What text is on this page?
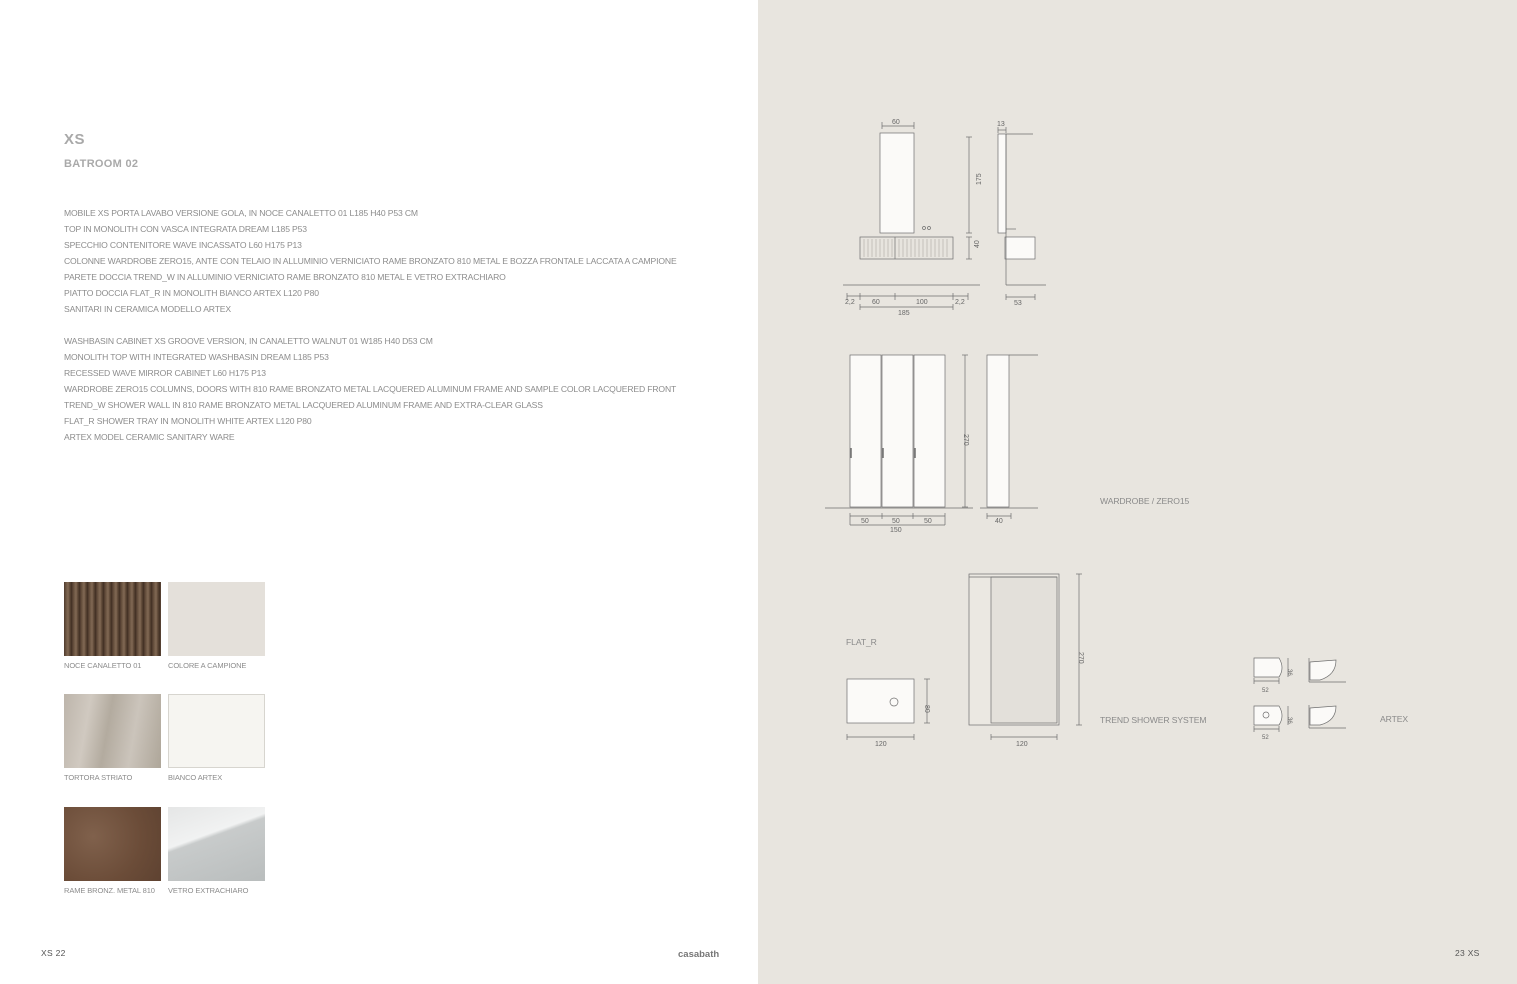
XS
BATROOM 02
MOBILE XS PORTA LAVABO VERSIONE GOLA, IN NOCE CANALETTO 01 L185 H40 P53 CM
TOP IN MONOLITH CON VASCA INTEGRATA DREAM L185 P53
SPECCHIO CONTENITORE WAVE INCASSATO L60 H175 P13
COLONNE WARDROBE ZERO15, ANTE CON TELAIO IN ALLUMINIO VERNICIATO RAME BRONZATO 810 METAL E BOZZA FRONTALE LACCATA A CAMPIONE
PARETE DOCCIA TREND_W IN ALLUMINIO VERNICIATO RAME BRONZATO 810 METAL E VETRO EXTRACHIARO
PIATTO DOCCIA FLAT_R IN MONOLITH BIANCO ARTEX L120 P80
SANITARI IN CERAMICA MODELLO ARTEX
WASHBASIN CABINET XS GROOVE VERSION, IN CANALETTO WALNUT 01 W185 H40 D53 CM
MONOLITH TOP WITH INTEGRATED WASHBASIN DREAM L185 P53
RECESSED WAVE MIRROR CABINET L60 H175 P13
WARDROBE ZERO15 COLUMNS, DOORS WITH 810 RAME BRONZATO METAL LACQUERED ALUMINUM FRAME AND SAMPLE COLOR LACQUERED FRONT
TREND_W SHOWER WALL IN 810 RAME BRONZATO METAL LACQUERED ALUMINUM FRAME AND EXTRA-CLEAR GLASS
FLAT_R SHOWER TRAY IN MONOLITH WHITE ARTEX L120 P80
ARTEX MODEL CERAMIC SANITARY WARE
NOCE CANALETTO 01	COLORE A CAMPIONE
TORTORA STRIATO	BIANCO ARTEX
RAME BRONZ. METAL 810 VETRO EXTRACHIARO
XS 22	casabath
60
175
40
13
53
2,2 60	100	2,2
185
270
50	50	50
150
40
80
120
270
120
36
52
36
52
WARDROBE / ZERO15
FLAT_R
TREND SHOWER SYSTEM	ARTEX
23 XS
